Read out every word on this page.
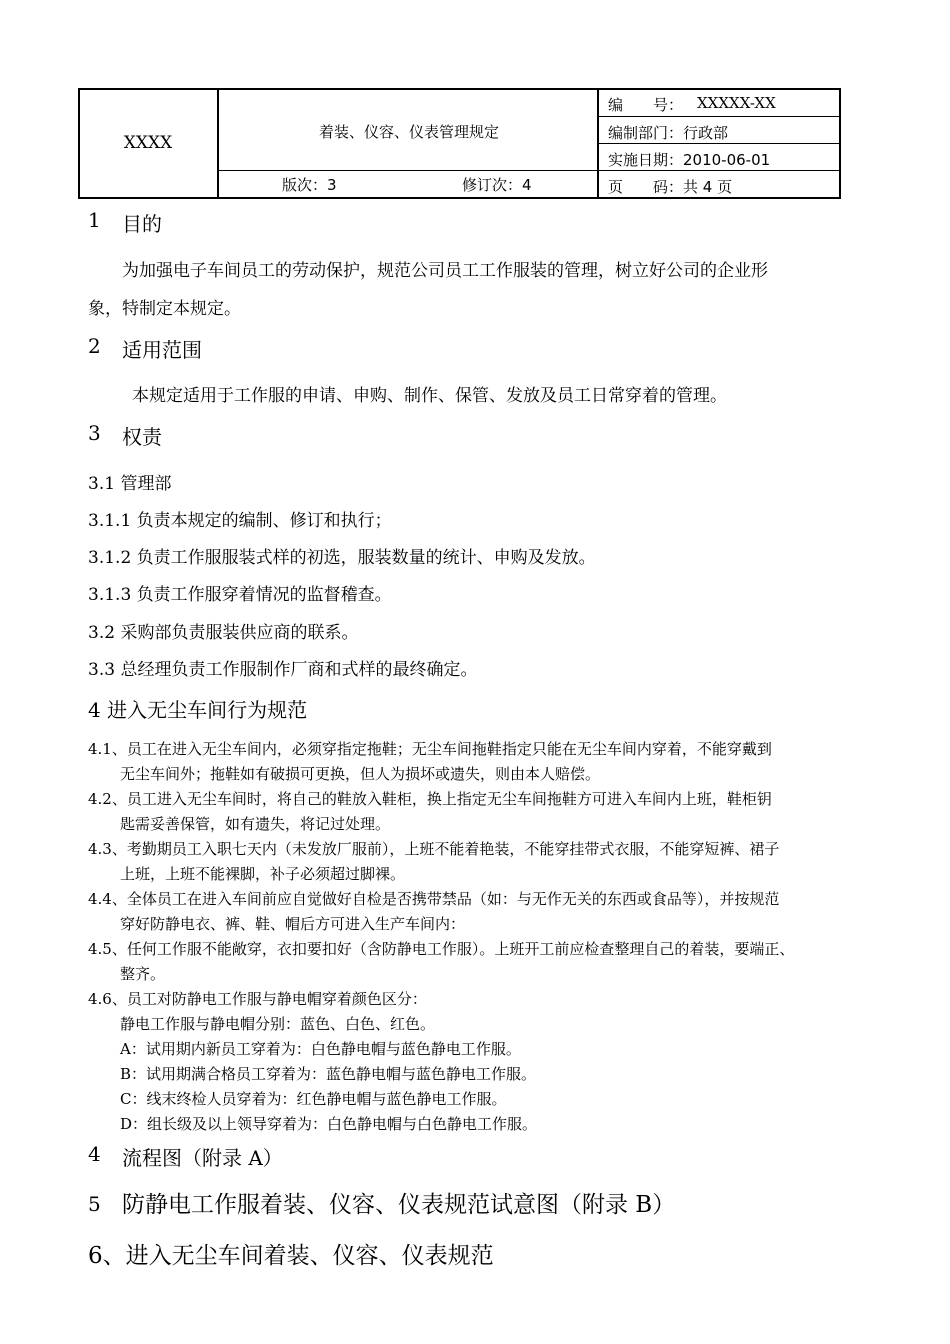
XXXX
着装、仪容、仪表管理规定
版次：3	修订次：4
编　　号： XXXXX-XX
编制部门：行政部
实施日期：2010-06-01
页　　码：共 4 页
1 目的
为加强电子车间员工的劳动保护，规范公司员工工作服装的管理，树立好公司的企业形
象，特制定本规定。
2 适用范围
本规定适用于工作服的申请、申购、制作、保管、发放及员工日常穿着的管理。
3 权责
3.1 管理部
3.1.1 负责本规定的编制、修订和执行；
3.1.2 负责工作服服装式样的初选，服装数量的统计、申购及发放。
3.1.3 负责工作服穿着情况的监督稽查。
3.2 采购部负责服装供应商的联系。
3.3 总经理负责工作服制作厂商和式样的最终确定。
4 进入无尘车间行为规范
4.1、员工在进入无尘车间内，必须穿指定拖鞋；无尘车间拖鞋指定只能在无尘车间内穿着，不能穿戴到
无尘车间外；拖鞋如有破损可更换，但人为损坏或遗失，则由本人赔偿。
4.2、员工进入无尘车间时，将自己的鞋放入鞋柜，换上指定无尘车间拖鞋方可进入车间内上班，鞋柜钥
匙需妥善保管，如有遗失，将记过处理。
4.3、考勤期员工入职七天内（未发放厂服前），上班不能着艳装，不能穿挂带式衣服，不能穿短裤、裙子
上班，上班不能裸脚，补子必须超过脚裸。
4.4、全体员工在进入车间前应自觉做好自检是否携带禁品（如：与无作无关的东西或食品等），并按规范
穿好防静电衣、裤、鞋、帽后方可进入生产车间内：
4.5、任何工作服不能敞穿，衣扣要扣好（含防静电工作服）。上班开工前应检查整理自己的着装，要端正、
整齐。
4.6、员工对防静电工作服与静电帽穿着颜色区分：
静电工作服与静电帽分别：蓝色、白色、红色。
A：试用期内新员工穿着为：白色静电帽与蓝色静电工作服。
B：试用期满合格员工穿着为：蓝色静电帽与蓝色静电工作服。
C：线末终检人员穿着为：红色静电帽与蓝色静电工作服。
D：组长级及以上领导穿着为：白色静电帽与白色静电工作服。
4 流程图（附录 A）
5 防静电工作服着装、仪容、仪表规范试意图（附录 B）
6、进入无尘车间着装、仪容、仪表规范
